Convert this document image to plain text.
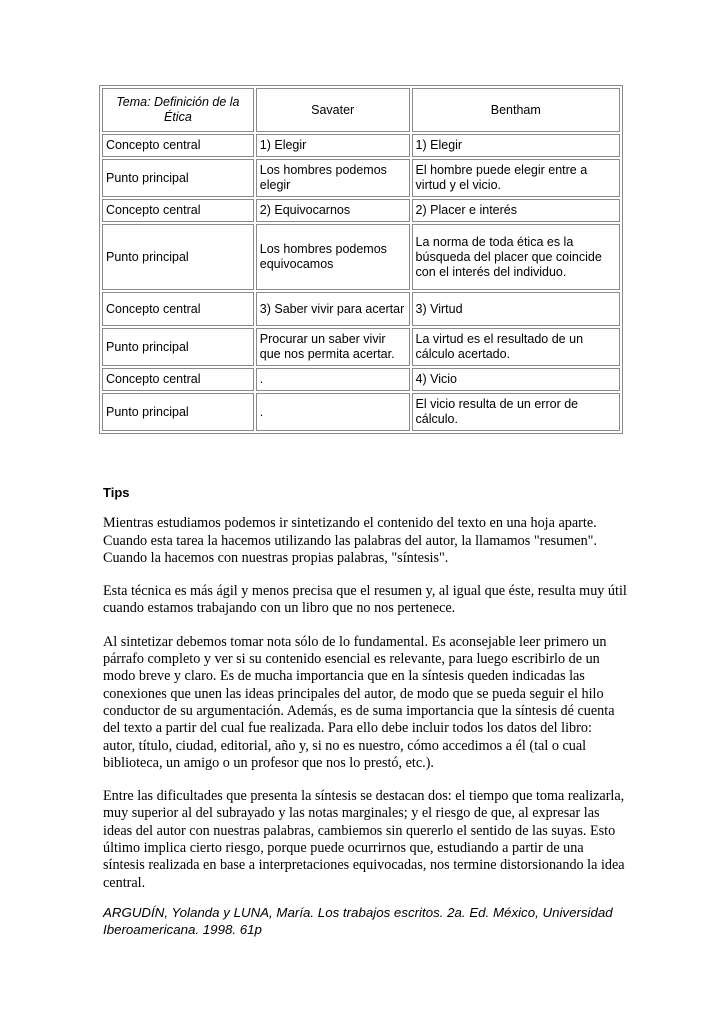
Tema: Definición de la Ética	Savater	Bentham
Concepto central	1) Elegir	1) Elegir
Punto principal	Los hombres podemos elegir	El hombre puede elegir entre a virtud y el vicio.
Concepto central	2) Equivocarnos	2) Placer e interés
Punto principal	Los hombres podemos equivocamos	La norma de toda ética es la búsqueda del placer que coincide con el interés del individuo.
Concepto central	3) Saber vivir para acertar	3) Virtud
Punto principal	Procurar un saber vivir que nos permita acertar.	La virtud es el resultado de un cálculo acertado.
Concepto central	.	4) Vicio
Punto principal	.	El vicio resulta de un error de cálculo.
Tips

Mientras estudiamos podemos ir sintetizando el contenido del texto en una hoja aparte. Cuando esta tarea la hacemos utilizando las palabras del autor, la llamamos "resumen". Cuando la hacemos con nuestras propias palabras, "síntesis".

Esta técnica es más ágil y menos precisa que el resumen y, al igual que éste, resulta muy útil cuando estamos trabajando con un libro que no nos pertenece.

Al sintetizar debemos tomar nota sólo de lo fundamental. Es aconsejable leer primero un párrafo completo y ver si su contenido esencial es relevante, para luego escribirlo de un modo breve y claro. Es de mucha importancia que en la síntesis queden indicadas las conexiones que unen las ideas principales del autor, de modo que se pueda seguir el hilo conductor de su argumentación. Además, es de suma importancia que la síntesis dé cuenta del texto a partir del cual fue realizada. Para ello debe incluir todos los datos del libro: autor, título, ciudad, editorial, año y, si no es nuestro, cómo accedimos a él (tal o cual biblioteca, un amigo o un profesor que nos lo prestó, etc.).

Entre las dificultades que presenta la síntesis se destacan dos: el tiempo que toma realizarla, muy superior al del subrayado y las notas marginales; y el riesgo de que, al expresar las ideas del autor con nuestras palabras, cambiemos sin quererlo el sentido de las suyas. Esto último implica cierto riesgo, porque puede ocurrirnos que, estudiando a partir de una síntesis realizada en base a interpretaciones equivocadas, nos termine distorsionando la idea central.

ARGUDÍN, Yolanda y LUNA, María. Los trabajos escritos. 2a. Ed. México, Universidad Iberoamericana. 1998. 61p
